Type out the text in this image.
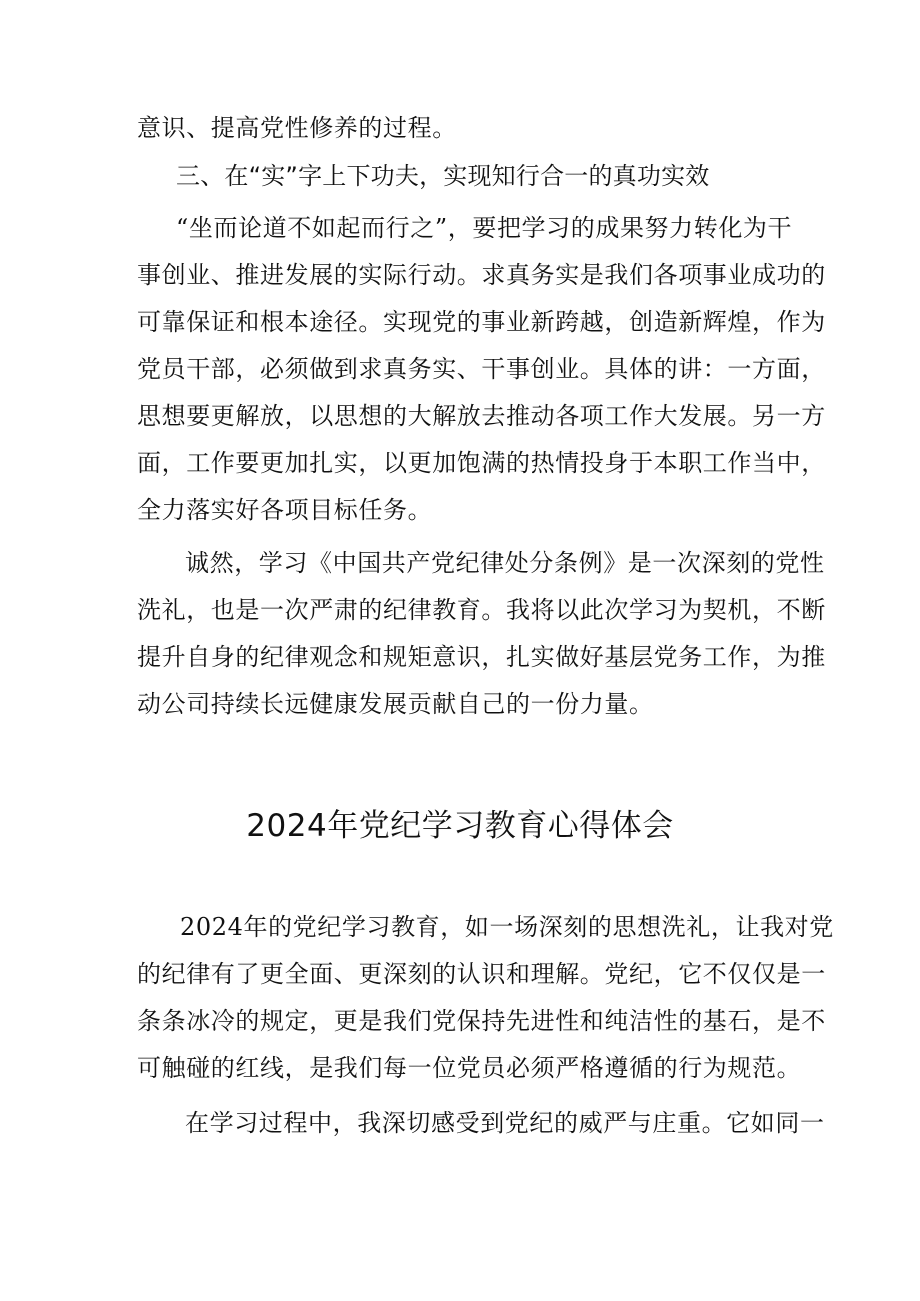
意识、提高党性修养的过程。
三、在“实”字上下功夫，实现知行合一的真功实效
“坐而论道不如起而行之”，要把学习的成果努力转化为干
事创业、推进发展的实际行动。求真务实是我们各项事业成功的
可靠保证和根本途径。实现党的事业新跨越，创造新辉煌，作为
党员干部，必须做到求真务实、干事创业。具体的讲：一方面，
思想要更解放，以思想的大解放去推动各项工作大发展。另一方
面，工作要更加扎实，以更加饱满的热情投身于本职工作当中，
全力落实好各项目标任务。
诚然，学习《中国共产党纪律处分条例》是一次深刻的党性
洗礼，也是一次严肃的纪律教育。我将以此次学习为契机，不断
提升自身的纪律观念和规矩意识，扎实做好基层党务工作，为推
动公司持续长远健康发展贡献自己的一份力量。
2024年党纪学习教育心得体会
2024年的党纪学习教育，如一场深刻的思想洗礼，让我对党
的纪律有了更全面、更深刻的认识和理解。党纪，它不仅仅是一
条条冰冷的规定，更是我们党保持先进性和纯洁性的基石，是不
可触碰的红线，是我们每一位党员必须严格遵循的行为规范。
在学习过程中，我深切感受到党纪的威严与庄重。它如同一
